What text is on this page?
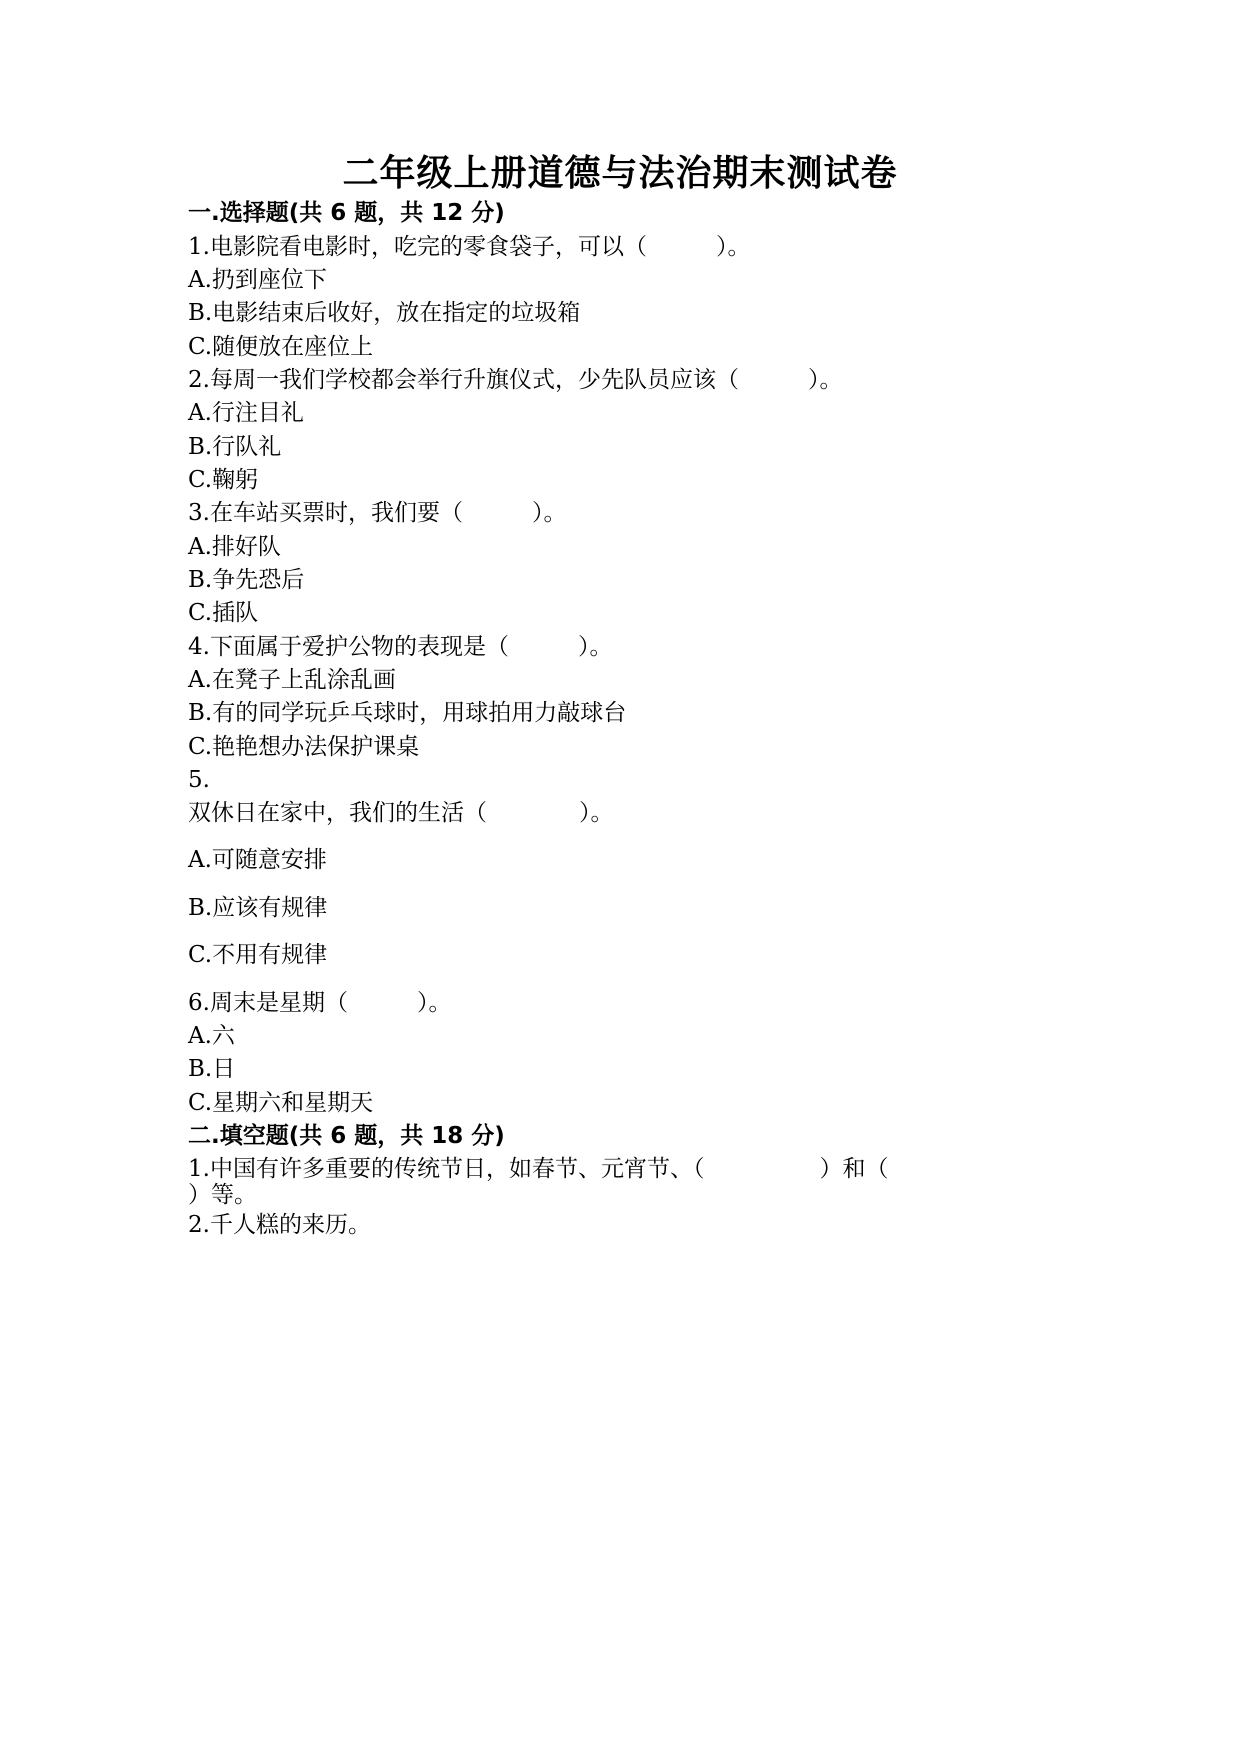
二年级上册道德与法治期末测试卷
一.选择题(共 6 题，共 12 分)
1.电影院看电影时，吃完的零食袋子，可以（　　　）。
A.扔到座位下
B.电影结束后收好，放在指定的垃圾箱
C.随便放在座位上
2.每周一我们学校都会举行升旗仪式，少先队员应该（　　　）。
A.行注目礼
B.行队礼
C.鞠躬
3.在车站买票时，我们要（　　　）。
A.排好队
B.争先恐后
C.插队
4.下面属于爱护公物的表现是（　　　）。
A.在凳子上乱涂乱画
B.有的同学玩乒乓球时，用球拍用力敲球台
C.艳艳想办法保护课桌
5.
双休日在家中，我们的生活（　　　　）。
A.可随意安排
B.应该有规律
C.不用有规律
6.周末是星期（　　　）。
A.六
B.日
C.星期六和星期天
二.填空题(共 6 题，共 18 分)
1.中国有许多重要的传统节日，如春节、元宵节、（　　　　　）和（
）等。
2.千人糕的来历。
